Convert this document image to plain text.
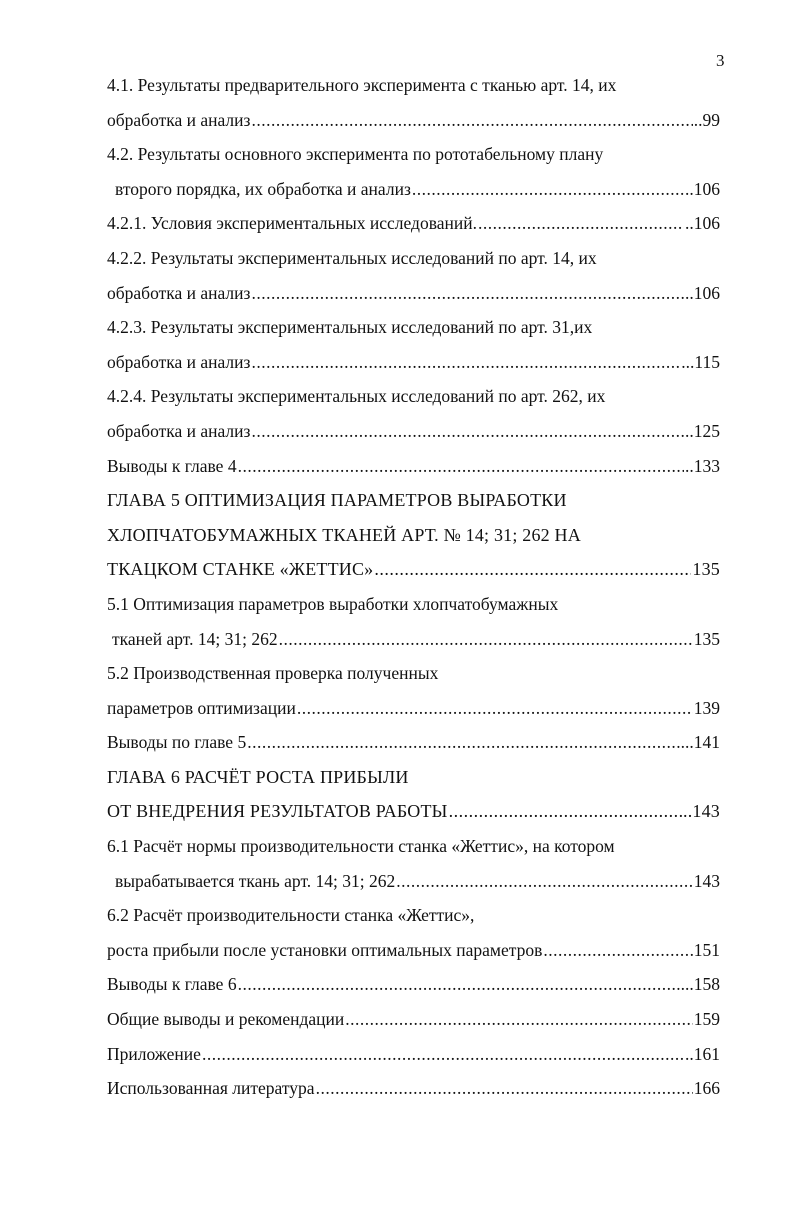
3
4.1. Результаты предварительного эксперимента с тканью арт. 14, их
обработка и анализ .....	..99
4.2. Результаты основного эксперимента по рототабельному плану
второго порядка, их обработка и анализ .....	..106
4.2.1. Условия экспериментальных исследований. .....	..106
4.2.2. Результаты экспериментальных исследований по арт. 14, их
обработка и анализ .....	..106
4.2.3. Результаты экспериментальных исследований по арт. 31,их
обработка и анализ .....	...115
4.2.4. Результаты экспериментальных исследований по арт. 262, их
обработка и анализ .....	..125
Выводы к главе 4 .....	..133
ГЛАВА 5 ОПТИМИЗАЦИЯ ПАРАМЕТРОВ ВЫРАБОТКИ
ХЛОПЧАТОБУМАЖНЫХ ТКАНЕЙ АРТ. № 14; 31; 262 НА
ТКАЦКОМ СТАНКЕ «ЖЕТТИС» .....	135
5.1 Оптимизация параметров выработки хлопчатобумажных
тканей арт. 14; 31; 262 .....	135
5.2 Производственная проверка полученных
параметров оптимизации .....	139
Выводы по главе 5 .....	...141
ГЛАВА 6 РАСЧЁТ РОСТА ПРИБЫЛИ
ОТ ВНЕДРЕНИЯ РЕЗУЛЬТАТОВ РАБОТЫ .....	..143
6.1 Расчёт нормы производительности станка «Жеттис», на котором
вырабатывается ткань арт. 14; 31; 262 .....	143
6.2 Расчёт производительности станка «Жеттис»,
роста прибыли после установки оптимальных параметров .....	151
Выводы к главе 6 .....	....158
Общие выводы и рекомендации .....	159
Приложение .....	..161
Использованная литература .....	166
